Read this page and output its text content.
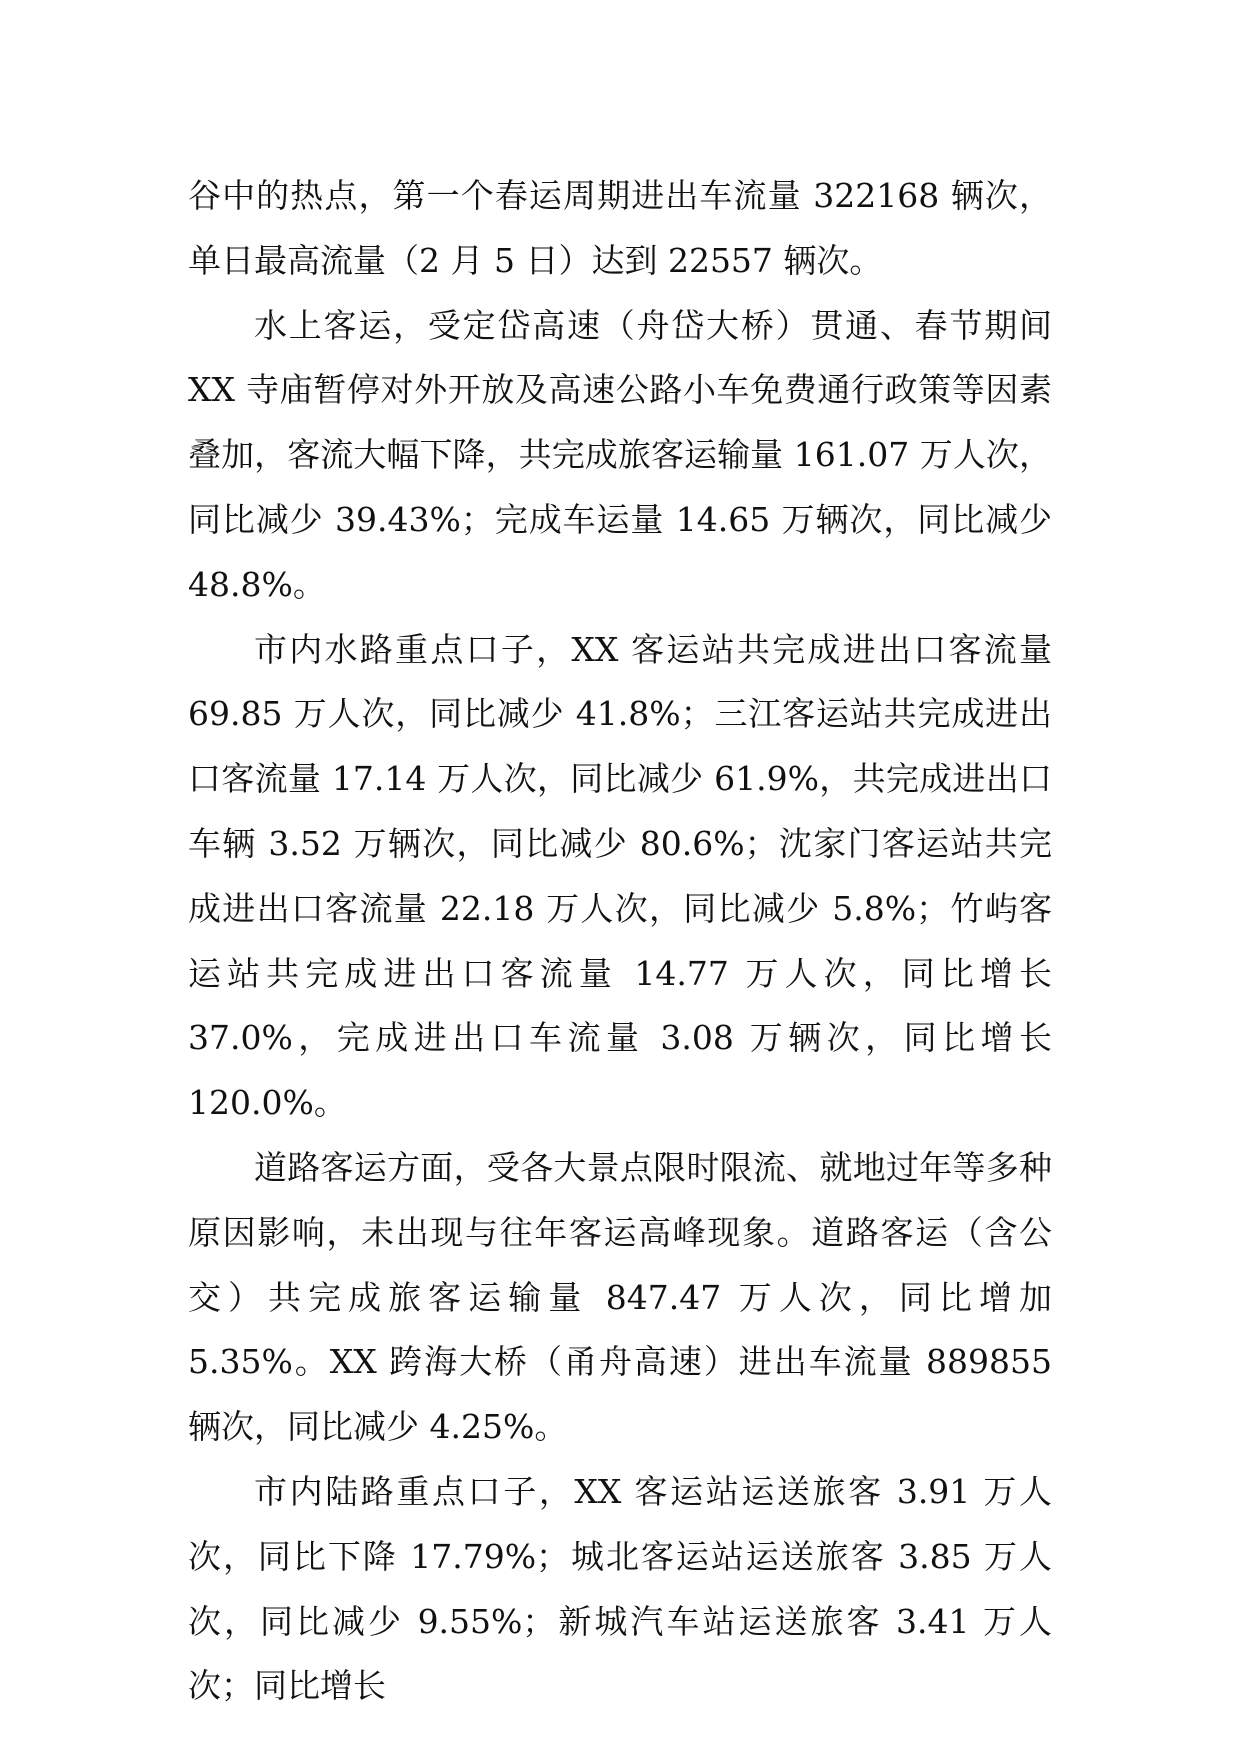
谷中的热点，第一个春运周期进出车流量 322168 辆次，单日最高流量（2 月 5 日）达到 22557 辆次。

水上客运，受定岱高速（舟岱大桥）贯通、春节期间 XX 寺庙暂停对外开放及高速公路小车免费通行政策等因素叠加，客流大幅下降，共完成旅客运输量 161.07 万人次，同比减少 39.43%；完成车运量 14.65 万辆次，同比减少 48.8%。

市内水路重点口子，XX 客运站共完成进出口客流量 69.85 万人次，同比减少 41.8%；三江客运站共完成进出口客流量 17.14 万人次，同比减少 61.9%，共完成进出口车辆 3.52 万辆次，同比减少 80.6%；沈家门客运站共完成进出口客流量 22.18 万人次，同比减少 5.8%；竹屿客运站共完成进出口客流量 14.77 万人次，同比增长 37.0%，完成进出口车流量 3.08 万辆次，同比增长 120.0%。

道路客运方面，受各大景点限时限流、就地过年等多种原因影响，未出现与往年客运高峰现象。道路客运（含公交）共完成旅客运输量 847.47 万人次，同比增加 5.35%。XX 跨海大桥（甬舟高速）进出车流量 889855 辆次，同比减少 4.25%。

市内陆路重点口子，XX 客运站运送旅客 3.91 万人次，同比下降 17.79%；城北客运站运送旅客 3.85 万人次，同比减少 9.55%；新城汽车站运送旅客 3.41 万人次；同比增长
